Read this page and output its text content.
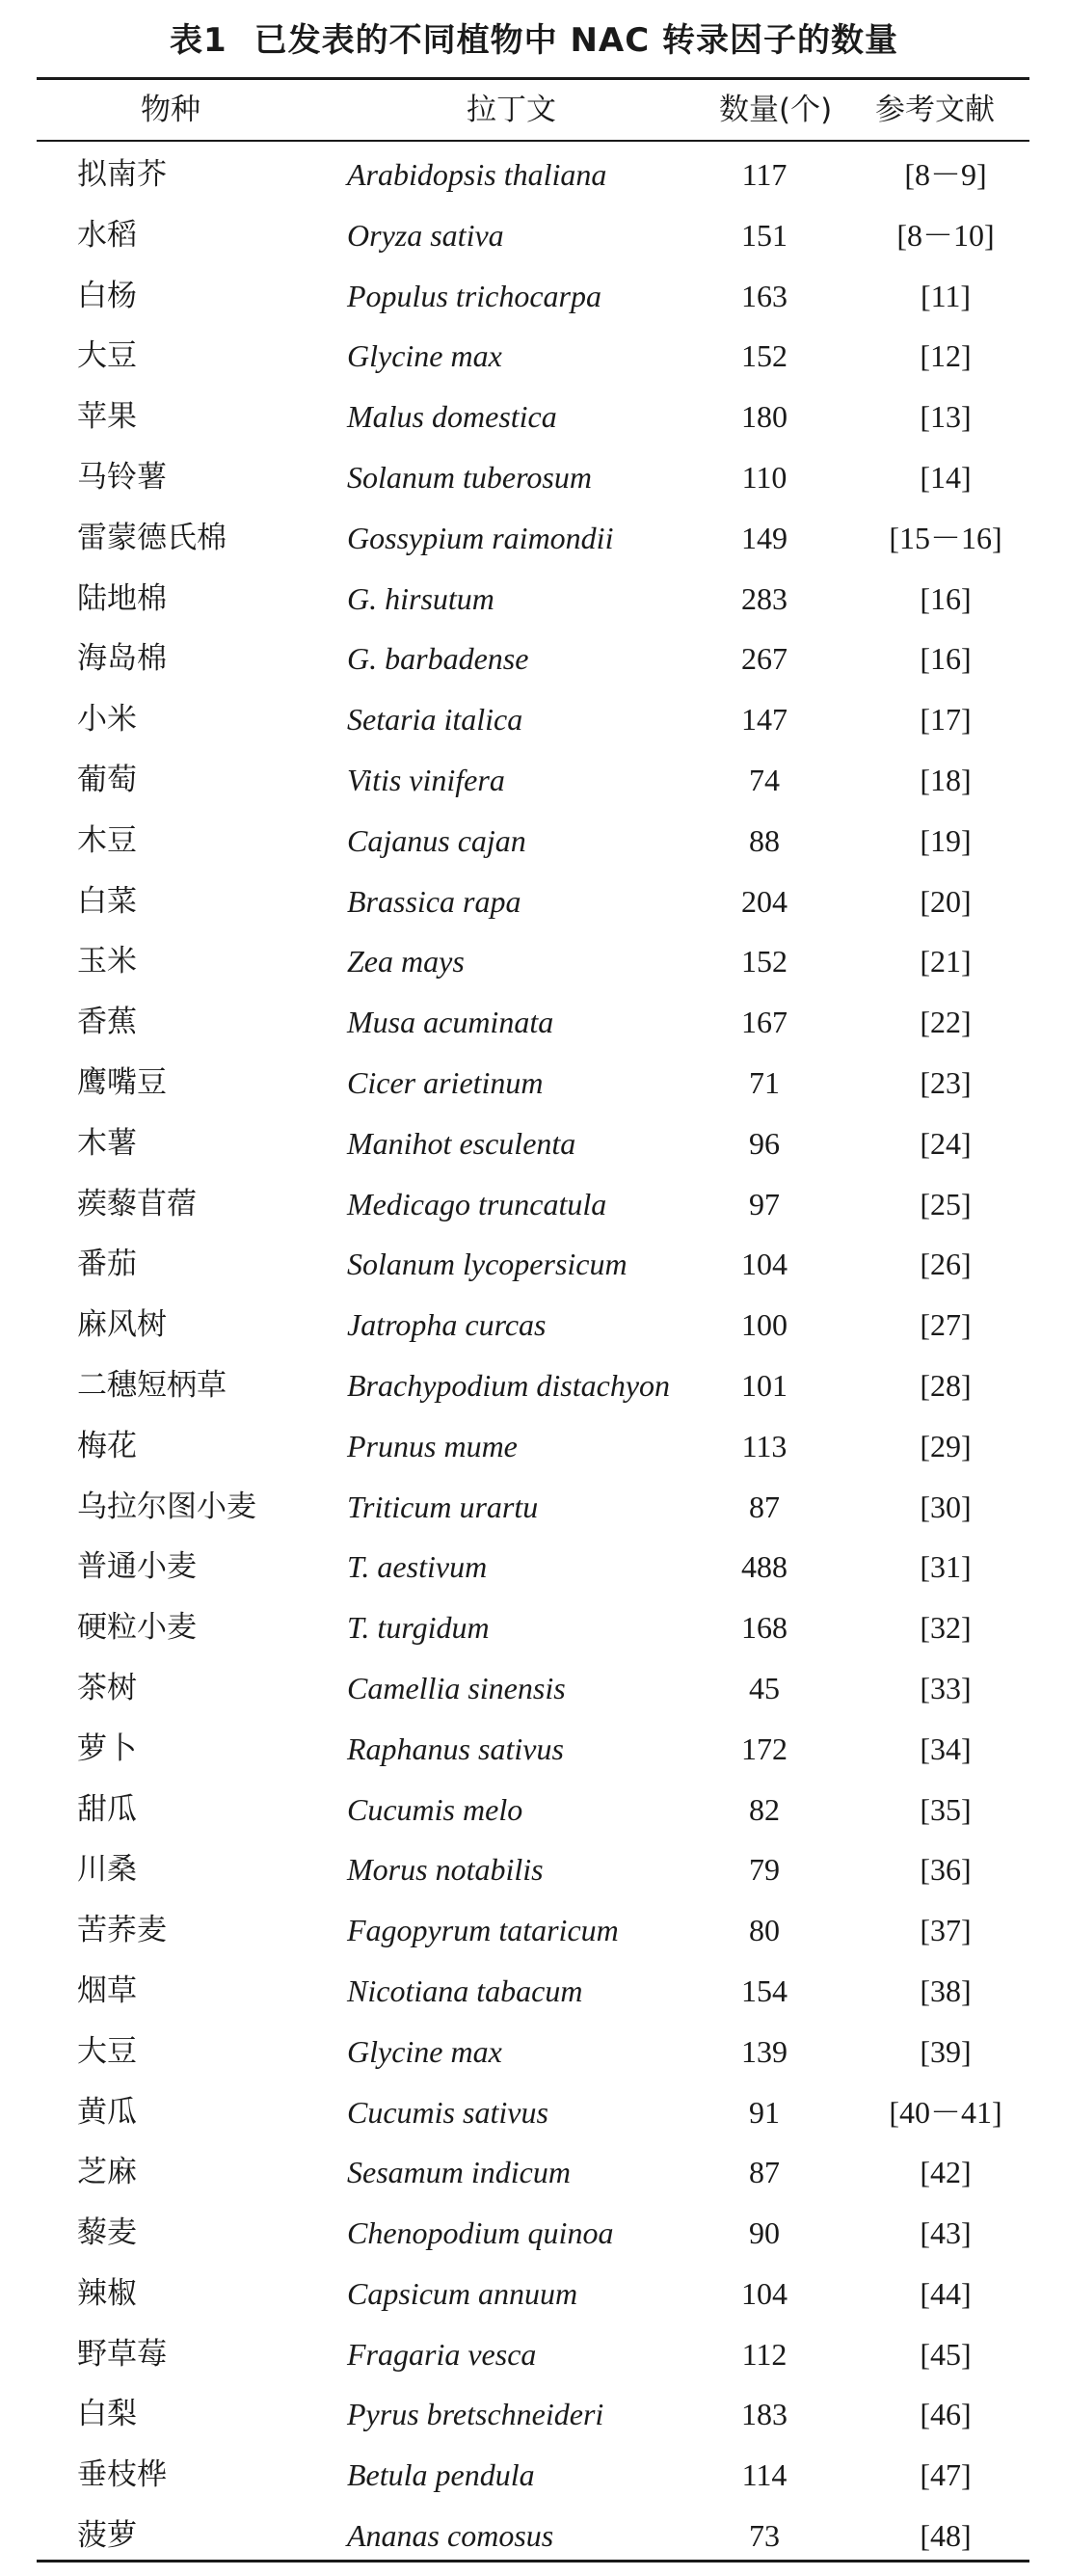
表1 已发表的不同植物中 NAC 转录因子的数量
物种	拉丁文	数量(个) 参考文献
拟南芥	Arabidopsis thaliana	117	[8－9]
水稻	Oryza sativa	151	[8－10]
白杨	Populus trichocarpa	163	[11]
大豆	Glycine max	152	[12]
苹果	Malus domestica	180	[13]
马铃薯	Solanum tuberosum	110	[14]
雷蒙德氏棉	Gossypium raimondii	149	[15－16]
陆地棉	G. hirsutum	283	[16]
海岛棉	G. barbadense	267	[16]
小米	Setaria italica	147	[17]
葡萄	Vitis vinifera	74	[18]
木豆	Cajanus cajan	88	[19]
白菜	Brassica rapa	204	[20]
玉米	Zea mays	152	[21]
香蕉	Musa acuminata	167	[22]
鹰嘴豆	Cicer arietinum	71	[23]
木薯	Manihot esculenta	96	[24]
蒺藜苜蓿	Medicago truncatula	97	[25]
番茄	Solanum lycopersicum	104	[26]
麻风树	Jatropha curcas	100	[27]
二穗短柄草	Brachypodium distachyon	101	[28]
梅花	Prunus mume	113	[29]
乌拉尔图小麦	Triticum urartu	87	[30]
普通小麦	T. aestivum	488	[31]
硬粒小麦	T. turgidum	168	[32]
茶树	Camellia sinensis	45	[33]
萝卜	Raphanus sativus	172	[34]
甜瓜	Cucumis melo	82	[35]
川桑	Morus notabilis	79	[36]
苦荞麦	Fagopyrum tataricum	80	[37]
烟草	Nicotiana tabacum	154	[38]
大豆	Glycine max	139	[39]
黄瓜	Cucumis sativus	91	[40－41]
芝麻	Sesamum indicum	87	[42]
藜麦	Chenopodium quinoa	90	[43]
辣椒	Capsicum annuum	104	[44]
野草莓	Fragaria vesca	112	[45]
白梨	Pyrus bretschneideri	183	[46]
垂枝桦	Betula pendula	114	[47]
菠萝	Ananas comosus	73	[48]
